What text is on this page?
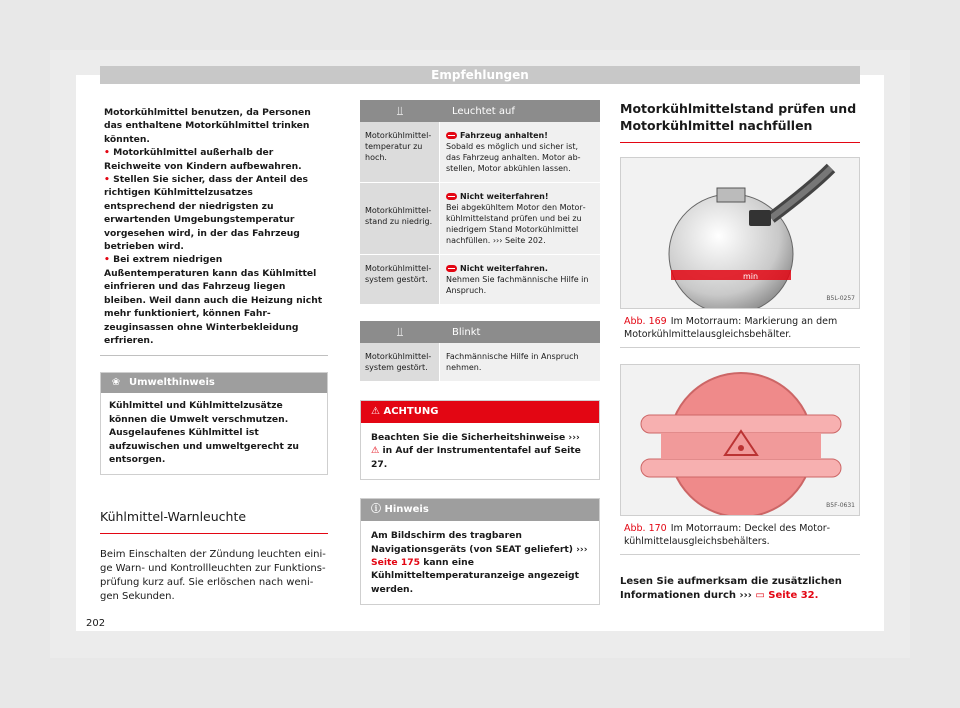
Empfehlungen
Motorkühlmittel benutzen, da Personen das enthaltene Motorkühlmittel trinken könnten.
• Motorkühlmittel außerhalb der Reichweite von Kindern aufbewahren.
• Stellen Sie sicher, dass der Anteil des richtigen Kühlmittelzusatzes entsprechend der niedrigsten zu erwartenden Umgebungstemperatur vorgesehen wird, in der das Fahrzeug betrieben wird.
• Bei extrem niedrigen Außentemperaturen kann das Kühlmittel einfrieren und das Fahrzeug liegen bleiben. Weil dann auch die Heizung nicht mehr funktioniert, können Fahrzeuginsassen ohne Winterbekleidung erfrieren.
❀ Umwelthinweis
Kühlmittel und Kühlmittelzusätze können die Umwelt verschmutzen. Ausgelaufenes Kühlmittel ist aufzuwischen und umweltgerecht zu entsorgen.
Kühlmittel-Warnleuchte
Beim Einschalten der Zündung leuchten einige Warn- und Kontrollleuchten zur Funktionsprüfung kurz auf. Sie erlöschen nach wenigen Sekunden.
⫫	Leuchtet auf
Motorkühlmitteltemperatur zu hoch.
Fahrzeug anhalten!
Sobald es möglich und sicher ist, das Fahrzeug anhalten. Motor abstellen, Motor abkühlen lassen.
Motorkühlmittelstand zu niedrig.
Nicht weiterfahren!
Bei abgekühltem Motor den Motorkühlmittelstand prüfen und bei zu niedrigem Stand Motorkühlmittel nachfüllen. ››› Seite 202.
Motorkühlmittelsystem gestört.
Nicht weiterfahren.
Nehmen Sie fachmännische Hilfe in Anspruch.
⫫	Blinkt
Motorkühlmittelsystem gestört.
Fachmännische Hilfe in Anspruch nehmen.
⚠ ACHTUNG
Beachten Sie die Sicherheitshinweise ››› ⚠ in Auf der Instrumententafel auf Seite 27.
ⓘ Hinweis
Am Bildschirm des tragbaren Navigationsgeräts (von SEAT geliefert) ››› Seite 175 kann eine Kühlmitteltemperaturanzeige angezeigt werden.
Motorkühlmittelstand prüfen und Motorkühlmittel nachfüllen
min
B5L-0257
Abb. 169 Im Motorraum: Markierung an dem Motorkühlmittelausgleichsbehälter.
B5F-0631
Abb. 170 Im Motorraum: Deckel des Motorkühlmittelausgleichsbehälters.
Lesen Sie aufmerksam die zusätzlichen Informationen durch ››› ▭ Seite 32.
202
